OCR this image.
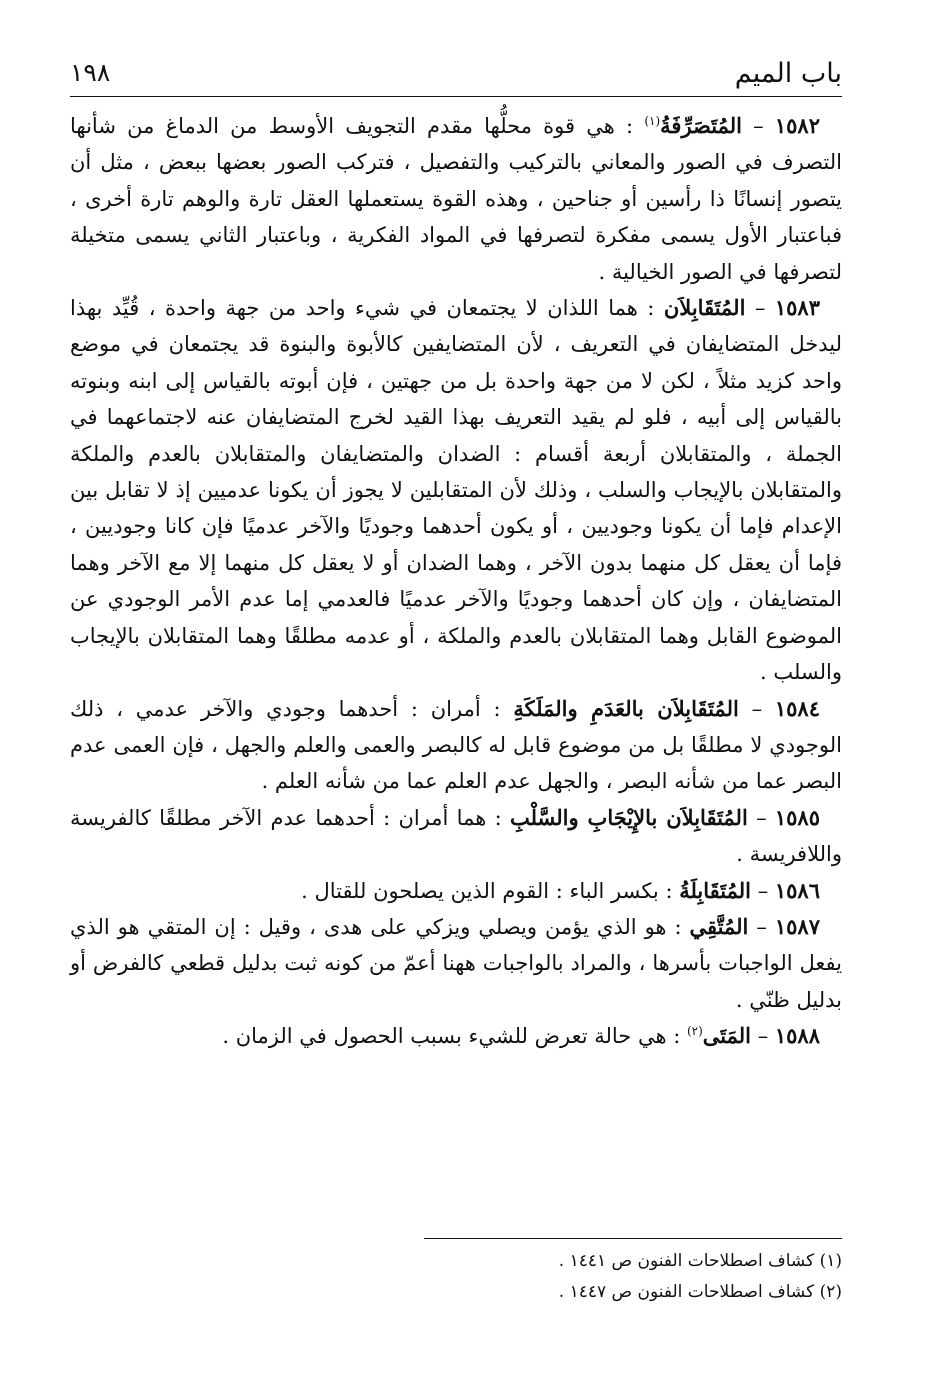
باب الميم
١٩٨

١٥٨٢ – المُتَصَرِّفَةُ$^{(١)}$ : هي قوة محلُّها مقدم التجويف الأوسط من الدماغ من شأنها التصرف في الصور والمعاني بالتركيب والتفصيل ، فتركب الصور بعضها ببعض ، مثل أن يتصور إنسانًا ذا رأسين أو جناحين ، وهذه القوة يستعملها العقل تارة والوهم تارة أخرى ، فباعتبار الأول يسمى مفكرة لتصرفها في المواد الفكرية ، وباعتبار الثاني يسمى متخيلة لتصرفها في الصور الخيالية .

١٥٨٣ – المُتَقَابِلاَن : هما اللذان لا يجتمعان في شيء واحد من جهة واحدة ، قُيِّد بهذا ليدخل المتضايفان في التعريف ، لأن المتضايفين كالأبوة والبنوة قد يجتمعان في موضع واحد كزيد مثلاً ، لكن لا من جهة واحدة بل من جهتين ، فإن أبوته بالقياس إلى ابنه وبنوته بالقياس إلى أبيه ، فلو لم يقيد التعريف بهذا القيد لخرج المتضايفان عنه لاجتماعهما في الجملة ، والمتقابلان أربعة أقسام : الضدان والمتضايفان والمتقابلان بالعدم والملكة والمتقابلان بالإيجاب والسلب ، وذلك لأن المتقابلين لا يجوز أن يكونا عدميين إذ لا تقابل بين الإعدام فإما أن يكونا وجوديين ، أو يكون أحدهما وجوديًا والآخر عدميًا فإن كانا وجوديين ، فإما أن يعقل كل منهما بدون الآخر ، وهما الضدان أو لا يعقل كل منهما إلا مع الآخر وهما المتضايفان ، وإن كان أحدهما وجوديًا والآخر عدميًا فالعدمي إما عدم الأمر الوجودي عن الموضوع القابل وهما المتقابلان بالعدم والملكة ، أو عدمه مطلقًا وهما المتقابلان بالإيجاب والسلب .

١٥٨٤ – المُتَقَابِلاَن بالعَدَمِ والمَلَكَةِ : أمران : أحدهما وجودي والآخر عدمي ، ذلك الوجودي لا مطلقًا بل من موضوع قابل له كالبصر والعمى والعلم والجهل ، فإن العمى عدم البصر عما من شأنه البصر ، والجهل عدم العلم عما من شأنه العلم .

١٥٨٥ – المُتَقَابِلاَن بالإِيْجَابِ والسَّلْبِ : هما أمران : أحدهما عدم الآخر مطلقًا كالفريسة واللافريسة .

١٥٨٦ – المُتَقَابِلَةُ : بكسر الباء : القوم الذين يصلحون للقتال .

١٥٨٧ – المُتَّقِي : هو الذي يؤمن ويصلي ويزكي على هدى ، وقيل : إن المتقي هو الذي يفعل الواجبات بأسرها ، والمراد بالواجبات ههنا أعمّ من كونه ثبت بدليل قطعي كالفرض أو بدليل ظنّي .

١٥٨٨ – المَتَى$^{(٢)}$ : هي حالة تعرض للشيء بسبب الحصول في الزمان .

(١) كشاف اصطلاحات الفنون ص ١٤٤١ .

(٢) كشاف اصطلاحات الفنون ص ١٤٤٧ .
